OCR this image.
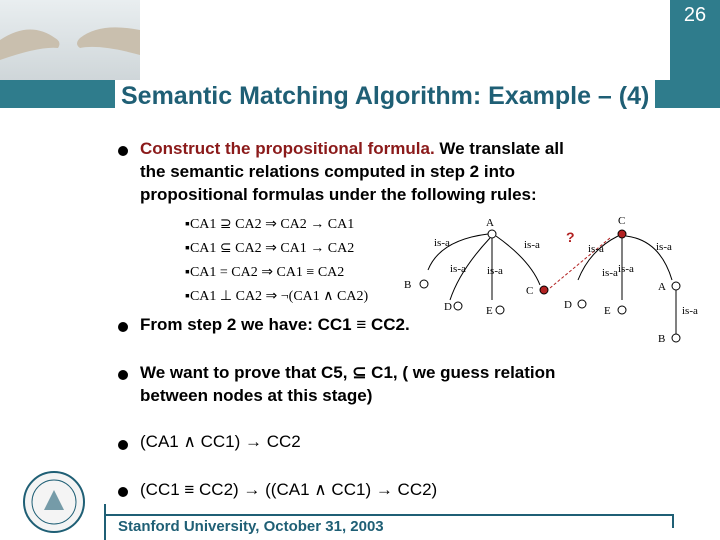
26
Semantic Matching Algorithm: Example – (4)
Construct the propositional formula. We translate all
the semantic relations computed in step 2 into
propositional formulas under the following rules:
▪CA1 ⊇ CA2 ⇒ CA2 → CA1
▪CA1 ⊆ CA2 ⇒ CA1 → CA2
▪CA1 = CA2 ⇒ CA1 ≡ CA2
▪CA1 ⊥ CA2 ⇒ ¬(CA1 ∧ CA2)
A
is-a
is-a is-a
is-a
B
D	E
C
?
C
is-a
is-a
is-a
is-a
is-a
D	E
A
B
From step 2 we have: CC1 ≡ CC2.
We want to prove that C5, ⊆ C1, ( we guess relation
between nodes at this stage)
(CA1 ∧ CC1) → CC2
(CC1 ≡ CC2) → ((CA1 ∧ CC1) → CC2)
Stanford University, October 31, 2003
